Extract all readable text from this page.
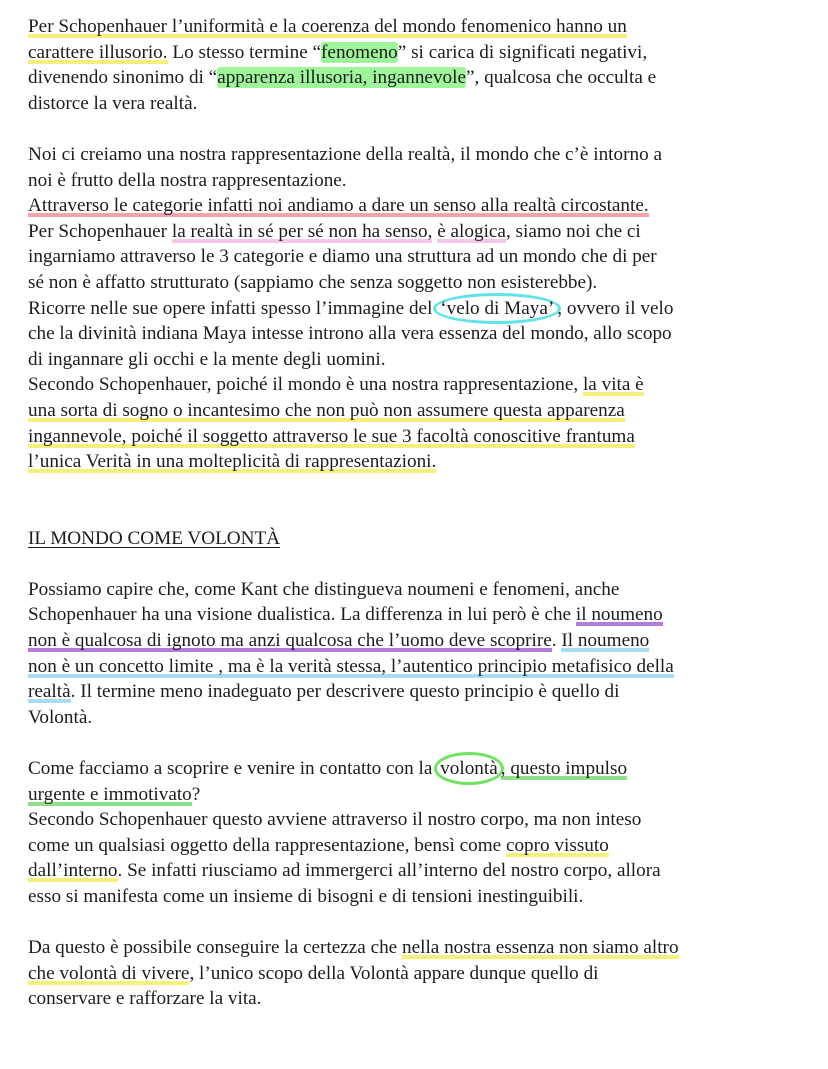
Per Schopenhauer l’uniformità e la coerenza del mondo fenomenico hanno un
carattere illusorio. Lo stesso termine “fenomeno” si carica di significati negativi,
divenendo sinonimo di “apparenza illusoria, ingannevole”, qualcosa che occulta e
distorce la vera realtà.
Noi ci creiamo una nostra rappresentazione della realtà, il mondo che c’è intorno a
noi è frutto della nostra rappresentazione.
Attraverso le categorie infatti noi andiamo a dare un senso alla realtà circostante.
Per Schopenhauer la realtà in sé per sé non ha senso, è alogica, siamo noi che ci
ingarniamo attraverso le 3 categorie e diamo una struttura ad un mondo che di per
sé non è affatto strutturato (sappiamo che senza soggetto non esisterebbe).
Ricorre nelle sue opere infatti spesso l’immagine del ‘velo di Maya’ , ovvero il velo
che la divinità indiana Maya intesse introno alla vera essenza del mondo, allo scopo
di ingannare gli occhi e la mente degli uomini.
Secondo Schopenhauer, poiché il mondo è una nostra rappresentazione, la vita è
una sorta di sogno o incantesimo che non può non assumere questa apparenza
ingannevole, poiché il soggetto attraverso le sue 3 facoltà conoscitive frantuma
l’unica Verità in una molteplicità di rappresentazioni.
IL MONDO COME VOLONTÀ
Possiamo capire che, come Kant che distingueva noumeni e fenomeni, anche
Schopenhauer ha una visione dualistica. La differenza in lui però è che il noumeno
non è qualcosa di ignoto ma anzi qualcosa che l’uomo deve scoprire. Il noumeno
non è un concetto limite , ma è la verità stessa, l’autentico principio metafisico della
realtà. Il termine meno inadeguato per descrivere questo principio è quello di
Volontà.
Come facciamo a scoprire e venire in contatto con la volontà , questo impulso
urgente e immotivato?
Secondo Schopenhauer questo avviene attraverso il nostro corpo, ma non inteso
come un qualsiasi oggetto della rappresentazione, bensì come copro vissuto
dall’interno. Se infatti riusciamo ad immergerci all’interno del nostro corpo, allora
esso si manifesta come un insieme di bisogni e di tensioni inestinguibili.
Da questo è possibile conseguire la certezza che nella nostra essenza non siamo altro
che volontà di vivere, l’unico scopo della Volontà appare dunque quello di
conservare e rafforzare la vita.
